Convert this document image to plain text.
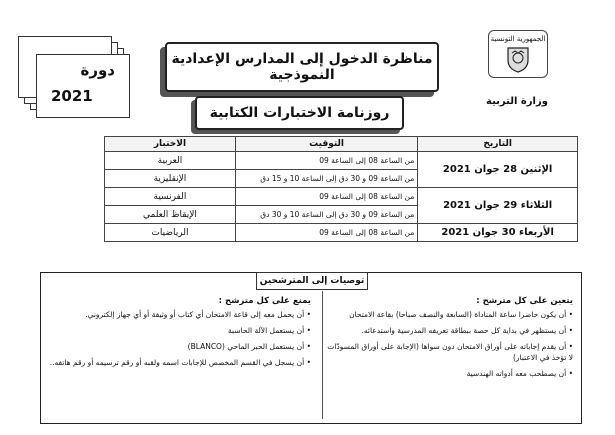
دورة
2021
مناظرة الدخول إلى المدارس الإعدادية النموذجية
روزنامة الاختبارات الكتابية
الجمهورية التونسية
وزارة التربية
التاريخ	التوقيت	الاختبار
الإثنين 28 جوان 2021	من الساعة 08 إلى الساعة 09	العربية
	من الساعة 09 و 30 دق إلى الساعة 10 و 15 دق	الإنقليزية
الثلاثاء 29 جوان 2021	من الساعة 08 إلى الساعة 09	الفرنسية
	من الساعة 09 و 30 دق إلى الساعة 10 و 30 دق	الإيقاظ العلمي
الأربعاء 30 جوان 2021	من الساعة 08 إلى الساعة 09	الرياضيات
توصيات إلى المترشحين
يتعين على كل مترشح :

• أن يكون حاضرا ساعة المناداة (السابعة والنصف صباحا) بقاعة الامتحان

• أن يستظهر في بداية كل حصة ببطاقة تعريفه المدرسية واستدعائه.

• أن يقدم إجاباته على أوراق الامتحان دون سواها (الإجابة على أوراق المسودّات لا تؤخذ في الاعتبار)

• أن يصطحب معه أدواته الهندسية

يمنع على كل مترشح :

• أن يحمل معه إلى قاعة الامتحان أي كتاب أو وثيقة أو أي جهاز إلكتروني.

• أن يستعمل الآلة الحاسبة

• أن يستعمل الحبر الماحي (BLANCO)

• أن يسجل في القسم المخصص للإجابات اسمه ولقبه أو رقم ترسيمه أو رقم هاتفه..
